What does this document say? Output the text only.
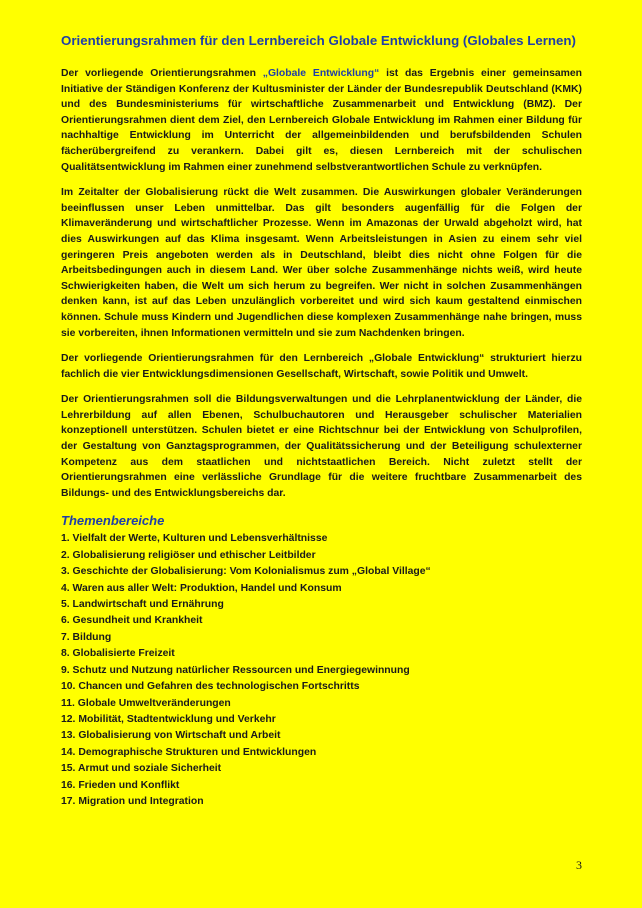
Orientierungsrahmen für den Lernbereich Globale Entwicklung (Globales Lernen)

Der vorliegende Orientierungsrahmen „Globale Entwicklung“ ist das Ergebnis einer gemeinsamen Initiative der Ständigen Konferenz der Kultusminister der Länder der Bundesrepublik Deutschland (KMK) und des Bundesministeriums für wirtschaftliche Zusammenarbeit und Entwicklung (BMZ). Der Orientierungsrahmen dient dem Ziel, den Lernbereich Globale Entwicklung im Rahmen einer Bildung für nachhaltige Entwicklung im Unterricht der allgemeinbildenden und berufsbildenden Schulen fächerübergreifend zu verankern. Dabei gilt es, diesen Lernbereich mit der schulischen Qualitätsentwicklung im Rahmen einer zunehmend selbstverantwortlichen Schule zu verknüpfen.

Im Zeitalter der Globalisierung rückt die Welt zusammen. Die Auswirkungen globaler Veränderungen beeinflussen unser Leben unmittelbar. Das gilt besonders augenfällig für die Folgen der Klimaveränderung und wirtschaftlicher Prozesse. Wenn im Amazonas der Urwald abgeholzt wird, hat dies Auswirkungen auf das Klima insgesamt. Wenn Arbeitsleistungen in Asien zu einem sehr viel geringeren Preis angeboten werden als in Deutschland, bleibt dies nicht ohne Folgen für die Arbeitsbedingungen auch in diesem Land. Wer über solche Zusammenhänge nichts weiß, wird heute Schwierigkeiten haben, die Welt um sich herum zu begreifen. Wer nicht in solchen Zusammenhängen denken kann, ist auf das Leben unzulänglich vorbereitet und wird sich kaum gestaltend einmischen können. Schule muss Kindern und Jugendlichen diese komplexen Zusammenhänge nahe bringen, muss sie vorbereiten, ihnen Informationen vermitteln und sie zum Nachdenken bringen.

Der vorliegende Orientierungsrahmen für den Lernbereich „Globale Entwicklung“ strukturiert hierzu fachlich die vier Entwicklungsdimensionen Gesellschaft, Wirtschaft, sowie Politik und Umwelt.

Der Orientierungsrahmen soll die Bildungsverwaltungen und die Lehrplanentwicklung der Länder, die Lehrerbildung auf allen Ebenen, Schulbuchautoren und Herausgeber schulischer Materialien konzeptionell unterstützen. Schulen bietet er eine Richtschnur bei der Entwicklung von Schulprofilen, der Gestaltung von Ganztagsprogrammen, der Qualitätssicherung und der Beteiligung schulexterner Kompetenz aus dem staatlichen und nichtstaatlichen Bereich. Nicht zuletzt stellt der Orientierungsrahmen eine verlässliche Grundlage für die weitere fruchtbare Zusammenarbeit des Bildungs- und des Entwicklungsbereichs dar.

Themenbereiche
1. Vielfalt der Werte, Kulturen und Lebensverhältnisse
2. Globalisierung religiöser und ethischer Leitbilder
3. Geschichte der Globalisierung: Vom Kolonialismus zum „Global Village“
4. Waren aus aller Welt: Produktion, Handel und Konsum
5. Landwirtschaft und Ernährung
6. Gesundheit und Krankheit
7. Bildung
8. Globalisierte Freizeit
9. Schutz und Nutzung natürlicher Ressourcen und Energiegewinnung
10. Chancen und Gefahren des technologischen Fortschritts
11. Globale Umweltveränderungen
12. Mobilität, Stadtentwicklung und Verkehr
13. Globalisierung von Wirtschaft und Arbeit
14. Demographische Strukturen und Entwicklungen
15. Armut und soziale Sicherheit
16. Frieden und Konflikt
17. Migration und Integration
3
